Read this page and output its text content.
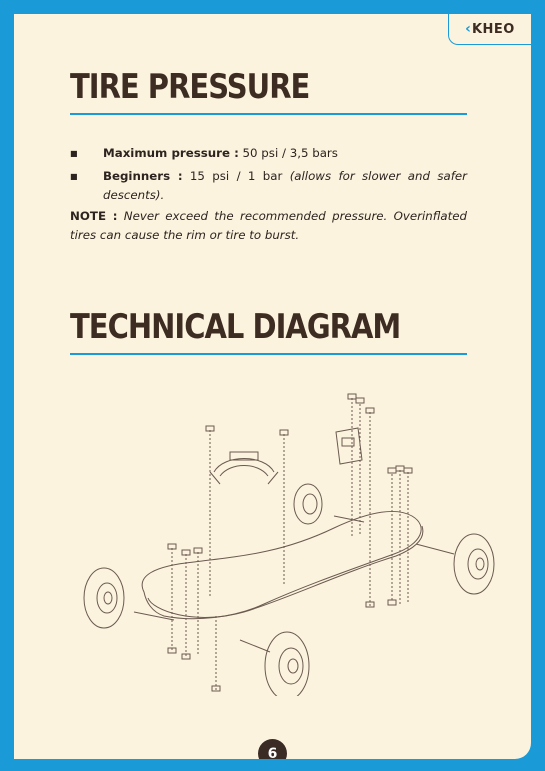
‹ KHEO
TIRE PRESSURE
■	Maximum pressure : 50 psi / 3,5 bars
■	Beginners : 15 psi / 1 bar (allows for slower and safer descents).
NOTE : Never exceed the recommended pressure. Overinflated tires can cause the rim or tire to burst.
TECHNICAL DIAGRAM
6
